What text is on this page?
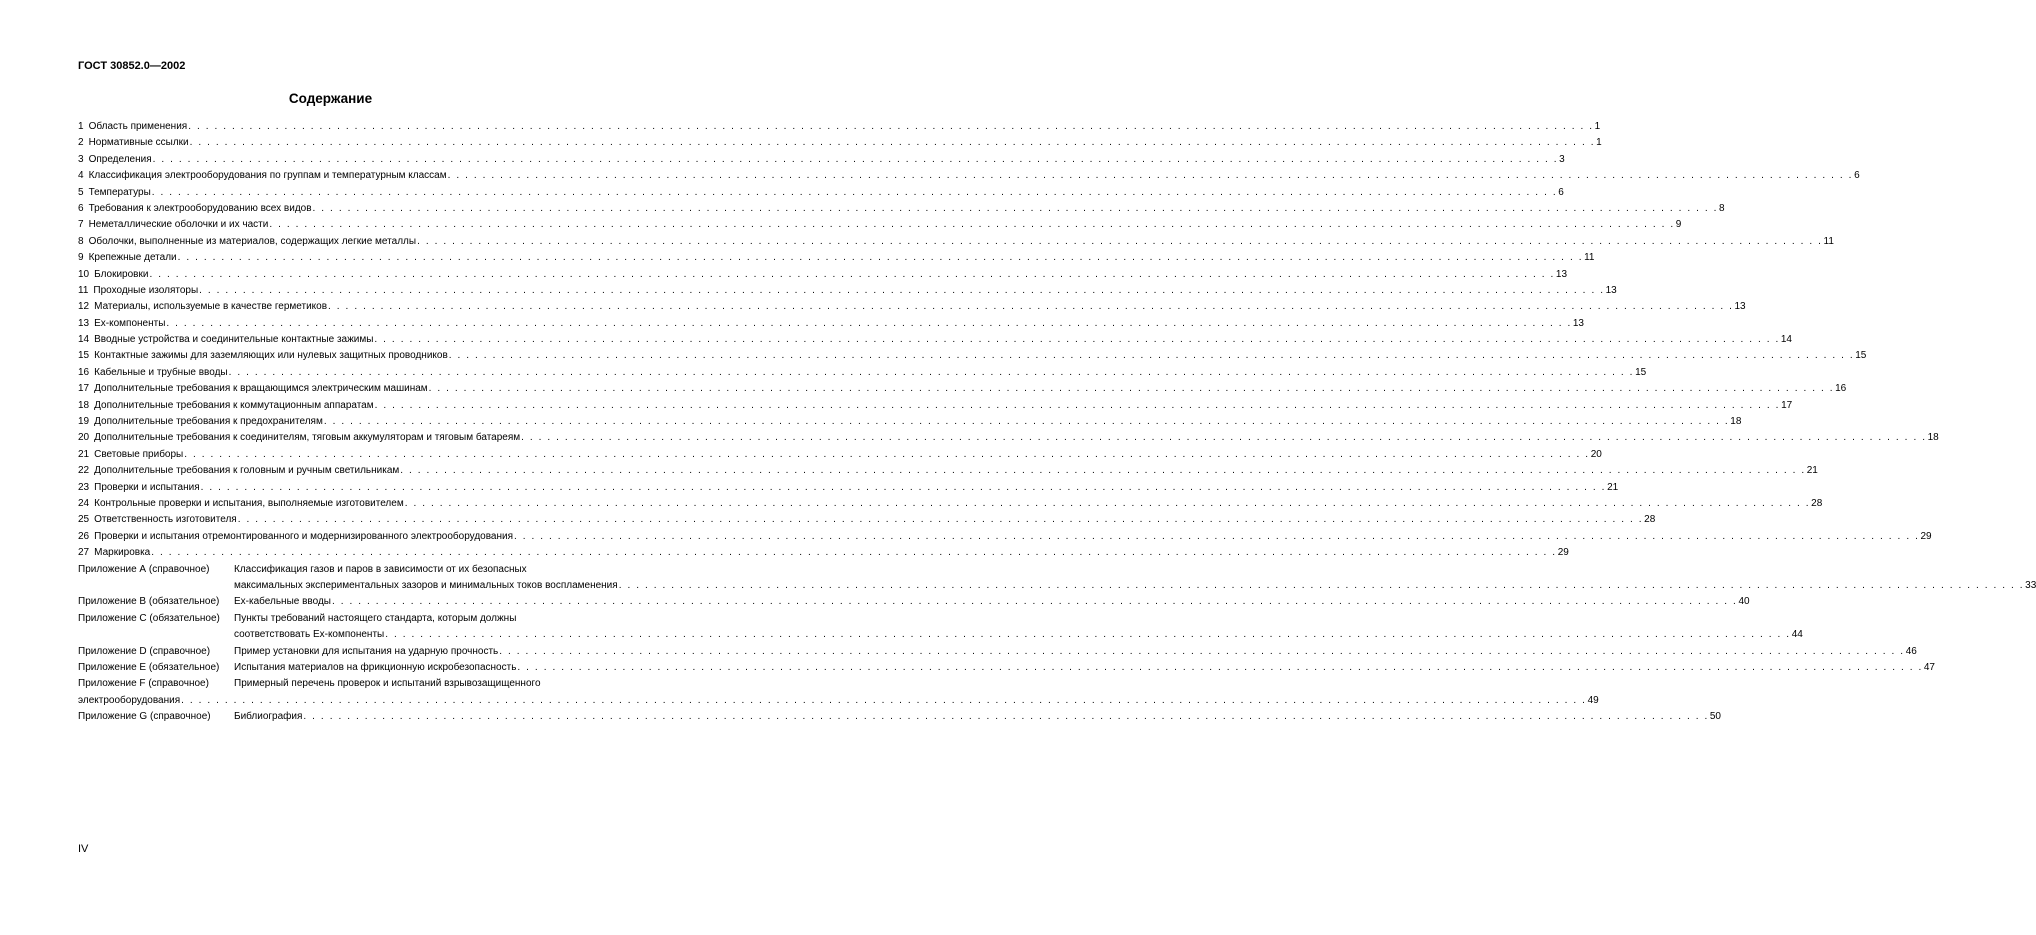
ГОСТ 30852.0—2002
Содержание
1 Область применения . . .	1
2 Нормативные ссылки . . .	1
3 Определения . . .	3
4 Классификация электрооборудования по группам и температурным классам . . .	6
5 Температуры . . .	6
6 Требования к электрооборудованию всех видов . . .	8
7 Неметаллические оболочки и их части . . .	9
8 Оболочки, выполненные из материалов, содержащих легкие металлы . . .	11
9 Крепежные детали . . .	11
10 Блокировки . . .	13
11 Проходные изоляторы . . .	13
12 Материалы, используемые в качестве герметиков . . .	13
13 Ех-компоненты . . .	13
14 Вводные устройства и соединительные контактные зажимы . . .	14
15 Контактные зажимы для заземляющих или нулевых защитных проводников . . .	15
16 Кабельные и трубные вводы . . .	15
17 Дополнительные требования к вращающимся электрическим машинам . . .	16
18 Дополнительные требования к коммутационным аппаратам . . .	17
19 Дополнительные требования к предохранителям . . .	18
20 Дополнительные требования к соединителям, тяговым аккумуляторам и тяговым батареям . . .	18
21 Световые приборы . . .	20
22 Дополнительные требования к головным и ручным светильникам . . .	21
23 Проверки и испытания . . .	21
24 Контрольные проверки и испытания, выполняемые изготовителем . . .	28
25 Ответственность изготовителя . . .	28
26 Проверки и испытания отремонтированного и модернизированного электрооборудования . . .	29
27 Маркировка . . .	29
Приложение А (справочное)	Классификация газов и паров в зависимости от их безопасных
максимальных экспериментальных зазоров и минимальных токов воспламенения . . .	33
Приложение В (обязательное)	Ех-кабельные вводы . . .	40
Приложение С (обязательное)	Пункты требований настоящего стандарта, которым должны
соответствовать Ех-компоненты . . .	44
Приложение D (справочное)	Пример установки для испытания на ударную прочность . . .	46
Приложение Е (обязательное)	Испытания материалов на фрикционную искробезопасность . . .	47
Приложение F (справочное)	Примерный перечень проверок и испытаний взрывозащищенного
электрооборудования . . .	49
Приложение G (справочное)	Библиография . . .	50
IV
